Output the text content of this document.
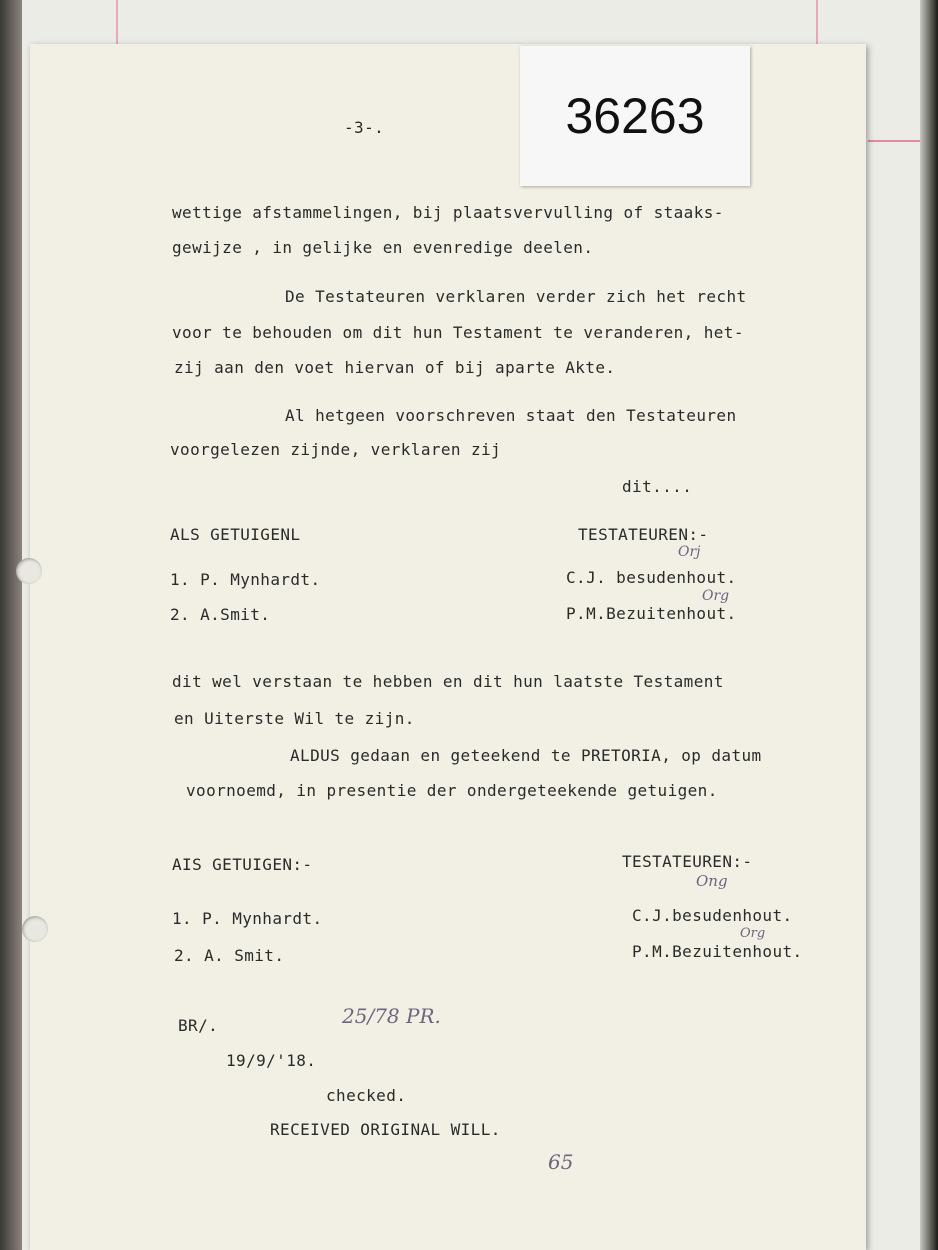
36263
-3-.
wettige afstammelingen, bij plaatsvervulling of staaks-
gewijze , in gelijke en evenredige deelen.
De Testateuren verklaren verder zich het recht
voor te behouden om dit hun Testament te veranderen, het-
zij aan den voet hiervan of bij aparte Akte.
Al hetgeen voorschreven staat den Testateuren
voorgelezen zijnde, verklaren zij
dit....
ALS GETUIGENL	TESTATEUREN:-
Orj
1. P. Mynhardt.	C.J. besudenhout.
Org
2. A.Smit.	P.M.Bezuitenhout.
dit wel verstaan te hebben en dit hun laatste Testament
en Uiterste Wil te zijn.
ALDUS gedaan en geteekend te PRETORIA, op datum
voornoemd, in presentie der ondergeteekende getuigen.
AIS GETUIGEN:-	TESTATEUREN:-
Ong
1. P. Mynhardt.	C.J.besudenhout.
Org
2. A. Smit.	P.M.Bezuitenhout.
BR/.	25/78 PR.
19/9/'18.
checked.
RECEIVED ORIGINAL WILL.
65
